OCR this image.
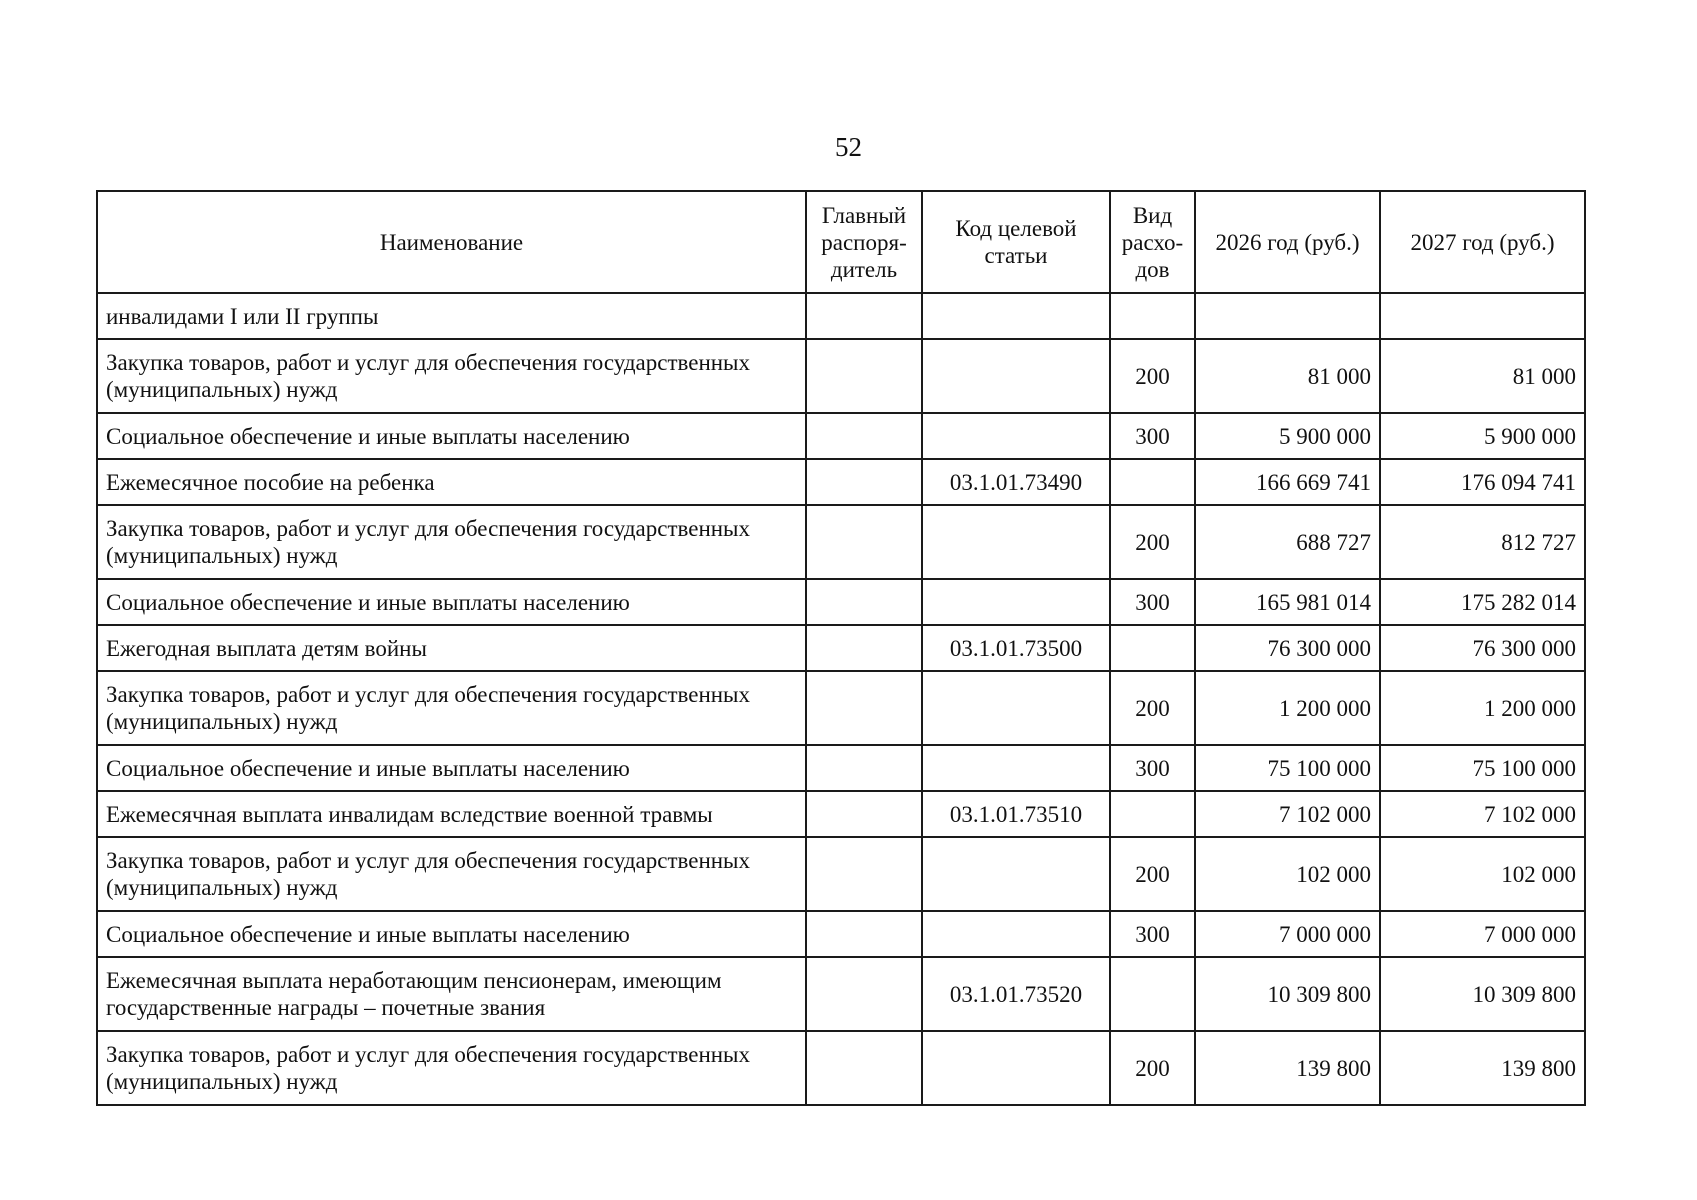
52
Наименование	Главный распоря-дитель	Код целевой статьи	Вид расхо-дов	2026 год (руб.)	2027 год (руб.)
инвалидами I или II группы					
Закупка товаров, работ и услуг для обеспечения государственных (муниципальных) нужд			200	81 000	81 000
Социальное обеспечение и иные выплаты населению			300	5 900 000	5 900 000
Ежемесячное пособие на ребенка		03.1.01.73490		166 669 741	176 094 741
Закупка товаров, работ и услуг для обеспечения государственных (муниципальных) нужд			200	688 727	812 727
Социальное обеспечение и иные выплаты населению			300	165 981 014	175 282 014
Ежегодная выплата детям войны		03.1.01.73500		76 300 000	76 300 000
Закупка товаров, работ и услуг для обеспечения государственных (муниципальных) нужд			200	1 200 000	1 200 000
Социальное обеспечение и иные выплаты населению			300	75 100 000	75 100 000
Ежемесячная выплата инвалидам вследствие военной травмы		03.1.01.73510		7 102 000	7 102 000
Закупка товаров, работ и услуг для обеспечения государственных (муниципальных) нужд			200	102 000	102 000
Социальное обеспечение и иные выплаты населению			300	7 000 000	7 000 000
Ежемесячная выплата неработающим пенсионерам, имеющим государственные награды – почетные звания		03.1.01.73520		10 309 800	10 309 800
Закупка товаров, работ и услуг для обеспечения государственных (муниципальных) нужд			200	139 800	139 800
